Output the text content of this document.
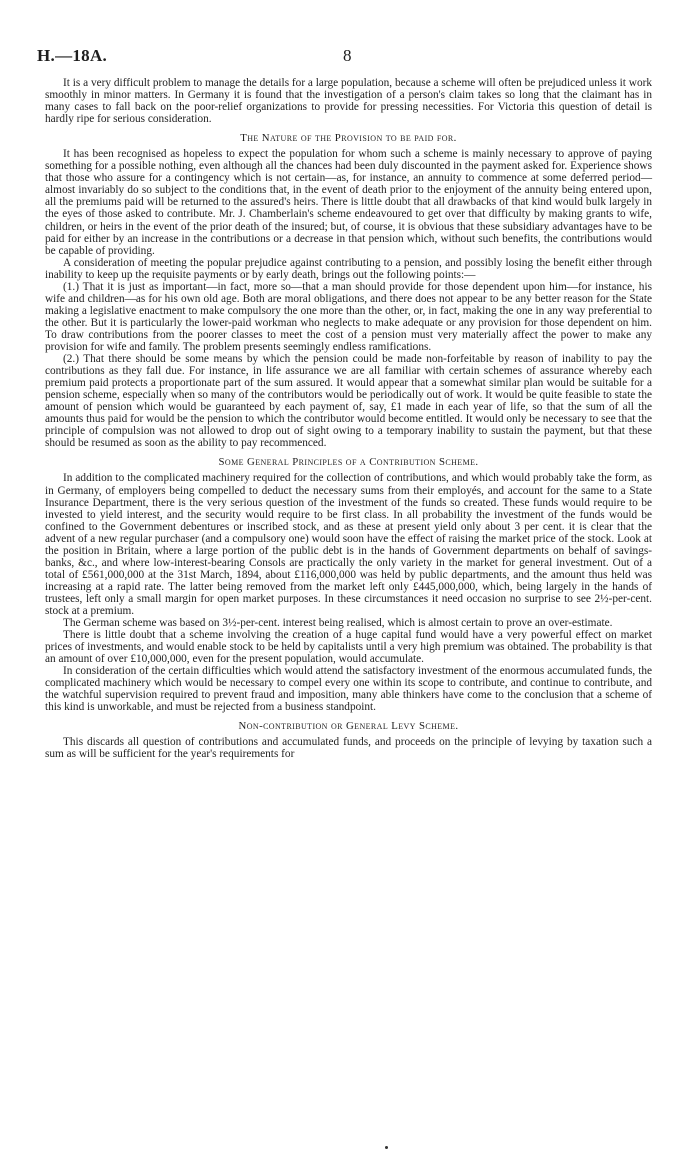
H.—18A.	8

It is a very difficult problem to manage the details for a large population, because a scheme will often be prejudiced unless it work smoothly in minor matters. In Germany it is found that the investigation of a person's claim takes so long that the claimant has in many cases to fall back on the poor-relief organizations to provide for pressing necessities. For Victoria this question of detail is hardly ripe for serious consideration.

The Nature of the Provision to be paid for.

It has been recognised as hopeless to expect the population for whom such a scheme is mainly necessary to approve of paying something for a possible nothing, even although all the chances had been duly discounted in the payment asked for. Experience shows that those who assure for a contingency which is not certain—as, for instance, an annuity to commence at some deferred period—almost invariably do so subject to the conditions that, in the event of death prior to the enjoyment of the annuity being entered upon, all the premiums paid will be returned to the assured's heirs. There is little doubt that all drawbacks of that kind would bulk largely in the eyes of those asked to contribute. Mr. J. Chamberlain's scheme endeavoured to get over that difficulty by making grants to wife, children, or heirs in the event of the prior death of the insured; but, of course, it is obvious that these subsidiary advantages have to be paid for either by an increase in the contributions or a decrease in that pension which, without such benefits, the contributions would be capable of providing.

A consideration of meeting the popular prejudice against contributing to a pension, and possibly losing the benefit either through inability to keep up the requisite payments or by early death, brings out the following points:—

(1.) That it is just as important—in fact, more so—that a man should provide for those dependent upon him—for instance, his wife and children—as for his own old age. Both are moral obligations, and there does not appear to be any better reason for the State making a legislative enactment to make compulsory the one more than the other, or, in fact, making the one in any way preferential to the other. But it is particularly the lower-paid workman who neglects to make adequate or any provision for those dependent on him. To draw contributions from the poorer classes to meet the cost of a pension must very materially affect the power to make any provision for wife and family. The problem presents seemingly endless ramifications.

(2.) That there should be some means by which the pension could be made non-forfeitable by reason of inability to pay the contributions as they fall due. For instance, in life assurance we are all familiar with certain schemes of assurance whereby each premium paid protects a proportionate part of the sum assured. It would appear that a somewhat similar plan would be suitable for a pension scheme, especially when so many of the contributors would be periodically out of work. It would be quite feasible to state the amount of pension which would be guaranteed by each payment of, say, £1 made in each year of life, so that the sum of all the amounts thus paid for would be the pension to which the contributor would become entitled. It would only be necessary to see that the principle of compulsion was not allowed to drop out of sight owing to a temporary inability to sustain the payment, but that these should be resumed as soon as the ability to pay recommenced.

Some General Principles of a Contribution Scheme.

In addition to the complicated machinery required for the collection of contributions, and which would probably take the form, as in Germany, of employers being compelled to deduct the necessary sums from their employés, and account for the same to a State Insurance Department, there is the very serious question of the investment of the funds so created. These funds would require to be invested to yield interest, and the security would require to be first class. In all probability the investment of the funds would be confined to the Government debentures or inscribed stock, and as these at present yield only about 3 per cent. it is clear that the advent of a new regular purchaser (and a compulsory one) would soon have the effect of raising the market price of the stock. Look at the position in Britain, where a large portion of the public debt is in the hands of Government departments on behalf of savings-banks, &c., and where low-interest-bearing Consols are practically the only variety in the market for general investment. Out of a total of £561,000,000 at the 31st March, 1894, about £116,000,000 was held by public departments, and the amount thus held was increasing at a rapid rate. The latter being removed from the market left only £445,000,000, which, being largely in the hands of trustees, left only a small margin for open market purposes. In these circumstances it need occasion no surprise to see 2½-per-cent. stock at a premium.

The German scheme was based on 3½-per-cent. interest being realised, which is almost certain to prove an over-estimate.

There is little doubt that a scheme involving the creation of a huge capital fund would have a very powerful effect on market prices of investments, and would enable stock to be held by capitalists until a very high premium was obtained. The probability is that an amount of over £10,000,000, even for the present population, would accumulate.

In consideration of the certain difficulties which would attend the satisfactory investment of the enormous accumulated funds, the complicated machinery which would be necessary to compel every one within its scope to contribute, and continue to contribute, and the watchful supervision required to prevent fraud and imposition, many able thinkers have come to the conclusion that a scheme of this kind is unworkable, and must be rejected from a business standpoint.

Non-contribution or General Levy Scheme.

This discards all question of contributions and accumulated funds, and proceeds on the principle of levying by taxation such a sum as will be sufficient for the year's requirements for
